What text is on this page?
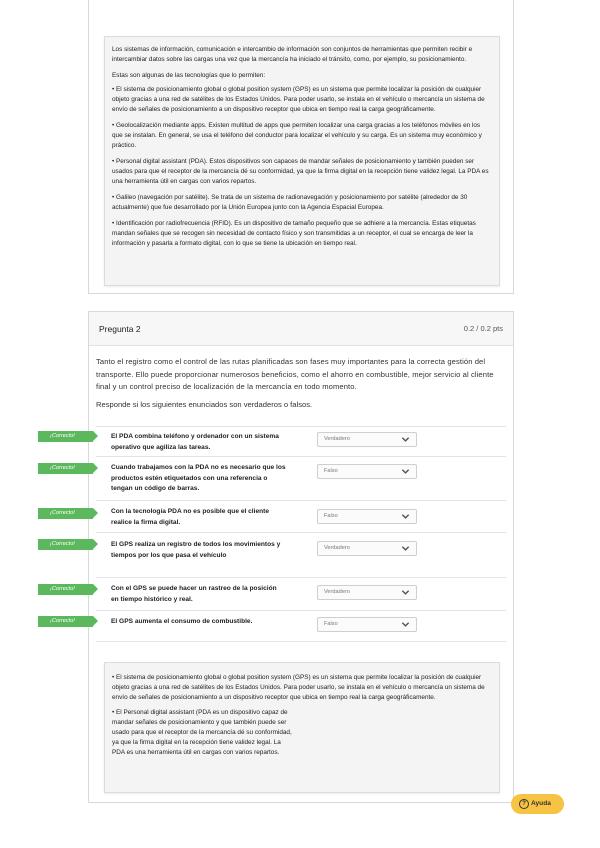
Los sistemas de información, comunicación e intercambio de información son conjuntos de herramientas que permiten recibir e intercambiar datos sobre las cargas una vez que la mercancía ha iniciado el tránsito, como, por ejemplo, su posicionamiento.

Estas son algunas de las tecnologías que lo permiten:

• El sistema de posicionamiento global o global position system (GPS) es un sistema que permite localizar la posición de cualquier objeto gracias a una red de satélites de los Estados Unidos. Para poder usarlo, se instala en el vehículo o mercancía un sistema de envío de señales de posicionamiento a un dispositivo receptor que ubica en tiempo real la carga geográficamente.

• Geolocalización mediante apps. Existen multitud de apps que permiten localizar una carga gracias a los teléfonos móviles en los que se instalan. En general, se usa el teléfono del conductor para localizar el vehículo y su carga. Es un sistema muy económico y práctico.

• Personal digital assistant (PDA). Estos dispositivos son capaces de mandar señales de posicionamiento y también pueden ser usados para que el receptor de la mercancía dé su conformidad, ya que la firma digital en la recepción tiene validez legal. La PDA es una herramienta útil en cargas con varios repartos.

• Galileo (navegación por satélite). Se trata de un sistema de radionavegación y posicionamiento por satélite (alrededor de 30 actualmente) que fue desarrollado por la Unión Europea junto con la Agencia Espacial Europea.

• Identificación por radiofrecuencia (RFID). Es un dispositivo de tamaño pequeño que se adhiere a la mercancía. Estas etiquetas mandan señales que se recogen sin necesidad de contacto físico y son transmitidas a un receptor, el cual se encarga de leer la información y pasarla a formato digital, con lo que se tiene la ubicación en tiempo real.

Pregunta 2	0.2 / 0.2 pts
Tanto el registro como el control de las rutas planificadas son fases muy importantes para la correcta gestión del transporte. Ello puede proporcionar numerosos beneficios, como el ahorro en combustible, mejor servicio al cliente final y un control preciso de localización de la mercancía en todo momento.
Responde si los siguientes enunciados son verdaderos o falsos.
¡Correcto!	El PDA combina teléfono y ordenador con un sistema operativo que agiliza las tareas.
Verdadero
¡Correcto!	Cuando trabajamos con la PDA no es necesario que los productos estén etiquetados con una referencia o tengan un código de barras.
Falso
¡Correcto!	Con la tecnología PDA no es posible que el cliente realice la firma digital.
Falso
¡Correcto!	El GPS realiza un registro de todos los movimientos y tiempos por los que pasa el vehículo
Verdadero
¡Correcto!	Con el GPS se puede hacer un rastreo de la posición en tiempo histórico y real.
Verdadero
¡Correcto!	El GPS aumenta el consumo de combustible.	Falso

• El sistema de posicionamiento global o global position system (GPS) es un sistema que permite localizar la posición de cualquier objeto gracias a una red de satélites de los Estados Unidos. Para poder usarlo, se instala en el vehículo o mercancía un sistema de envío de señales de posicionamiento a un dispositivo receptor que ubica en tiempo real la carga geográficamente.

• El Personal digital assistant (PDA es un dispositivo capaz de mandar señales de posicionamiento y que también puede ser usado para que el receptor de la mercancía dé su conformidad, ya que la firma digital en la recepción tiene validez legal. La PDA es una herramienta útil en cargas con varios repartos.

? Ayuda
